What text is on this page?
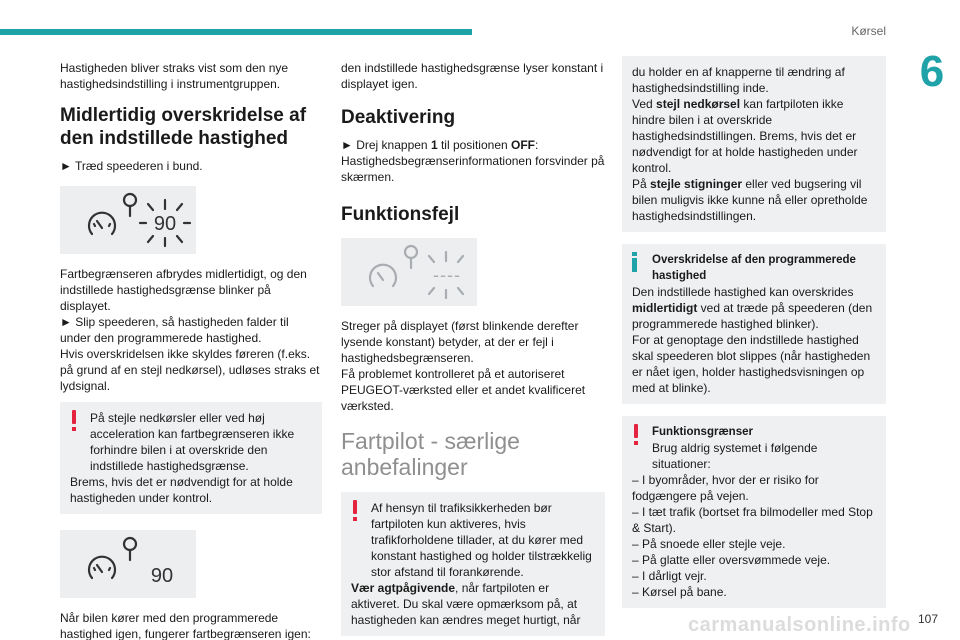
Kørsel
6

Hastigheden bliver straks vist som den nye hastighedsindstilling i instrumentgruppen.

Midlertidig overskridelse af den indstillede hastighed

► Træd speederen i bund.

90

Fartbegrænseren afbrydes midlertidigt, og den indstillede hastighedsgrænse blinker på displayet.

► Slip speederen, så hastigheden falder til under den programmerede hastighed.

Hvis overskridelsen ikke skyldes føreren (f.eks. på grund af en stejl nedkørsel), udløses straks et lydsignal.

På stejle nedkørsler eller ved høj acceleration kan fartbegrænseren ikke forhindre bilen i at overskride den indstillede hastighedsgrænse.

Brems, hvis det er nødvendigt for at holde hastigheden under kontrol.

90

Når bilen kører med den programmerede hastighed igen, fungerer fartbegrænseren igen:

den indstillede hastighedsgrænse lyser konstant i displayet igen.

Deaktivering

► Drej knappen 1 til positionen OFF: Hastighedsbegrænserinformationen forsvinder på skærmen.

Funktionsfejl
----

Streger på displayet (først blinkende derefter lysende konstant) betyder, at der er fejl i hastighedsbegrænseren.

Få problemet kontrolleret på et autoriseret PEUGEOT-værksted eller et andet kvalificeret værksted.

Fartpilot - særlige anbefalinger

Af hensyn til trafiksikkerheden bør fartpiloten kun aktiveres, hvis trafikforholdene tillader, at du kører med konstant hastighed og holder tilstrækkelig stor afstand til forankørende.

Vær agtpågivende, når fartpiloten er aktiveret. Du skal være opmærksom på, at hastigheden kan ændres meget hurtigt, når

du holder en af knapperne til ændring af hastighedsindstilling inde.

Ved stejl nedkørsel kan fartpiloten ikke hindre bilen i at overskride hastighedsindstillingen. Brems, hvis det er nødvendigt for at holde hastigheden under kontrol.

På stejle stigninger eller ved bugsering vil bilen muligvis ikke kunne nå eller opretholde hastighedsindstillingen.

Overskridelse af den programmerede hastighed

Den indstillede hastighed kan overskrides midlertidigt ved at træde på speederen (den programmerede hastighed blinker).

For at genoptage den indstillede hastighed skal speederen blot slippes (når hastigheden er nået igen, holder hastighedsvisningen op med at blinke).

Funktionsgrænser

Brug aldrig systemet i følgende situationer:

– I byområder, hvor der er risiko for fodgængere på vejen.

– I tæt trafik (bortset fra bilmodeller med Stop & Start).

– På snoede eller stejle veje.

– På glatte eller oversvømmede veje.

– I dårligt vejr.

– Kørsel på bane.

carmanualsonline.info 107
